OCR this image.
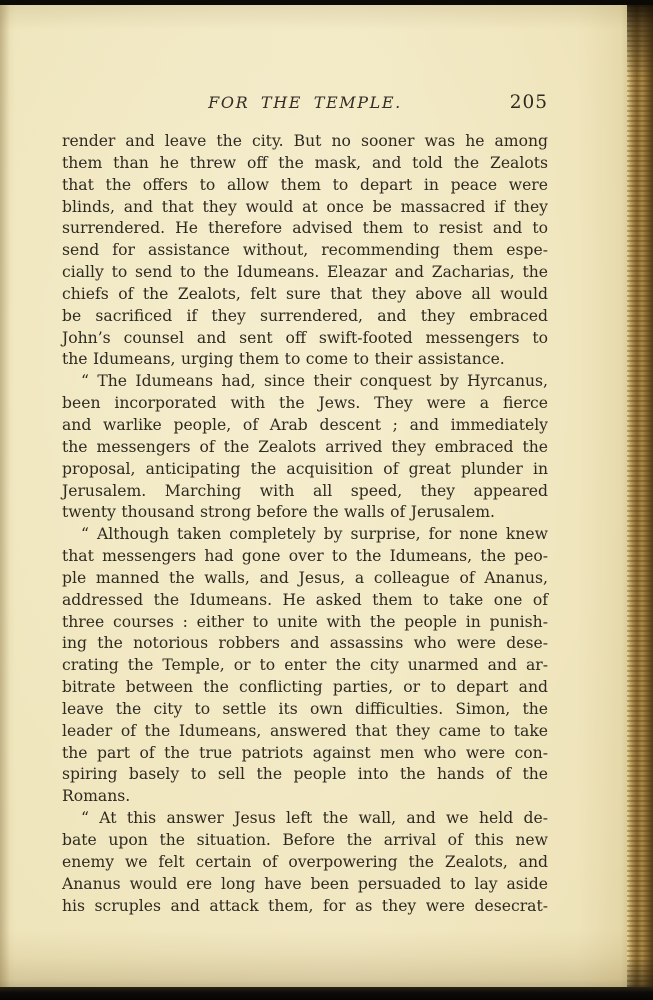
FOR THE TEMPLE.	205
render and leave the city. But no sooner was he among
them than he threw off the mask, and told the Zealots
that the offers to allow them to depart in peace were
blinds, and that they would at once be massacred if they
surrendered. He therefore advised them to resist and to
send for assistance without, recommending them espe-
cially to send to the Idumeans. Eleazar and Zacharias, the
chiefs of the Zealots, felt sure that they above all would
be sacrificed if they surrendered, and they embraced
John’s counsel and sent off swift-footed messengers to
the Idumeans, urging them to come to their assistance.
“ The Idumeans had, since their conquest by Hyrcanus,
been incorporated with the Jews. They were a fierce
and warlike people, of Arab descent ; and immediately
the messengers of the Zealots arrived they embraced the
proposal, anticipating the acquisition of great plunder in
Jerusalem. Marching with all speed, they appeared
twenty thousand strong before the walls of Jerusalem.
“ Although taken completely by surprise, for none knew
that messengers had gone over to the Idumeans, the peo-
ple manned the walls, and Jesus, a colleague of Ananus,
addressed the Idumeans. He asked them to take one of
three courses : either to unite with the people in punish-
ing the notorious robbers and assassins who were dese-
crating the Temple, or to enter the city unarmed and ar-
bitrate between the conflicting parties, or to depart and
leave the city to settle its own difficulties. Simon, the
leader of the Idumeans, answered that they came to take
the part of the true patriots against men who were con-
spiring basely to sell the people into the hands of the
Romans.
“ At this answer Jesus left the wall, and we held de-
bate upon the situation. Before the arrival of this new
enemy we felt certain of overpowering the Zealots, and
Ananus would ere long have been persuaded to lay aside
his scruples and attack them, for as they were desecrat-
